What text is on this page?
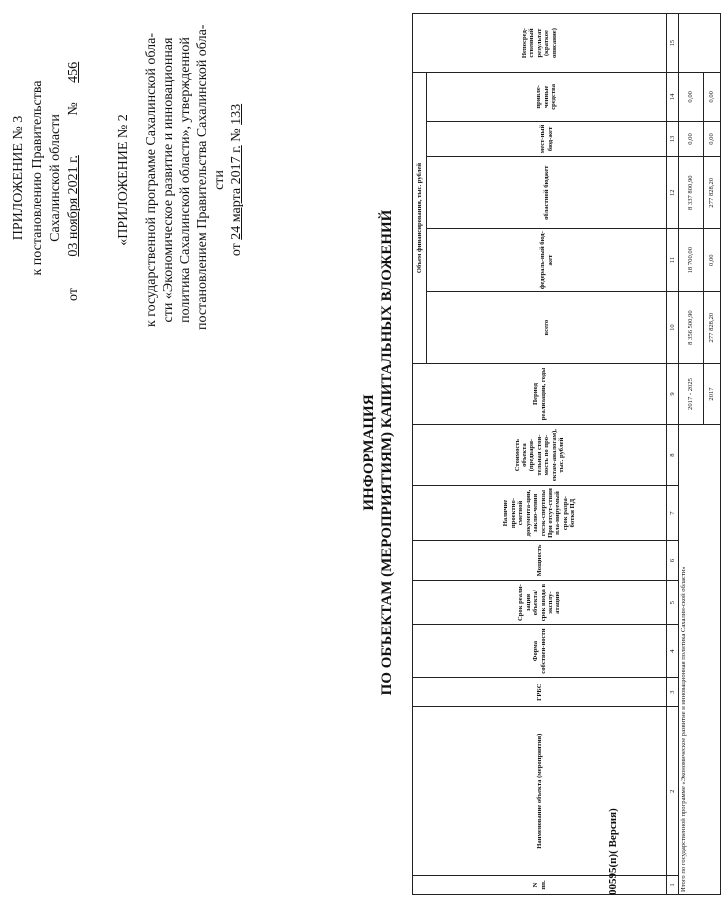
ПРИЛОЖЕНИЕ № 3 к постановлению Правительства Сахалинской области
от 03 ноября 2021 г. № 456
«ПРИЛОЖЕНИЕ № 2 к государственной программе Сахалинской обла- сти «Экономическое развитие и инновационная политика Сахалинской области», утвержденной постановлением Правительства Сахалинской обла- сти
от 24 марта 2017 г. № 133
ИНФОРМАЦИЯ ПО ОБЪЕКТАМ (МЕРОПРИЯТИЯМ) КАПИТАЛЬНЫХ ВЛОЖЕНИЙ
N пп.	Наименование объекта (мероприятия)	ГРБС	Форма собствен-ности	Срок реали-зации объекта/ срок ввода в эксплу-атацию	Мощность	Наличие проектно-сметной документа-ции, заклю-чения госэк-спертизы При отсут-ствии пла-нируемый срок разра-ботки ПД	Стоимость объекта (предвари-тельная стои-мость по про-ектам-аналогам), тыс. рублей	Период реализации, годы	Объем финансирования, тыс. рублей					Непосред-ственный результат (краткое описание)
									всего	федераль-ный бюд-жет	областной бюджет	мест-ный бюд-жет	привле-ченные средства	
1	2	3	4	5	6	7	8	9	10	11	12	13	14	15
Итого по государственной программе «Экономическое развитие и инновационная политика Сахалин-ской области»								2017 - 2025	8 356 500,90	18 700,00	8 337 800,90	0,00	0,00	
								2017	277 828,20	0,00	277 828,20	0,00	0,00	
00595(п)( Версия)
